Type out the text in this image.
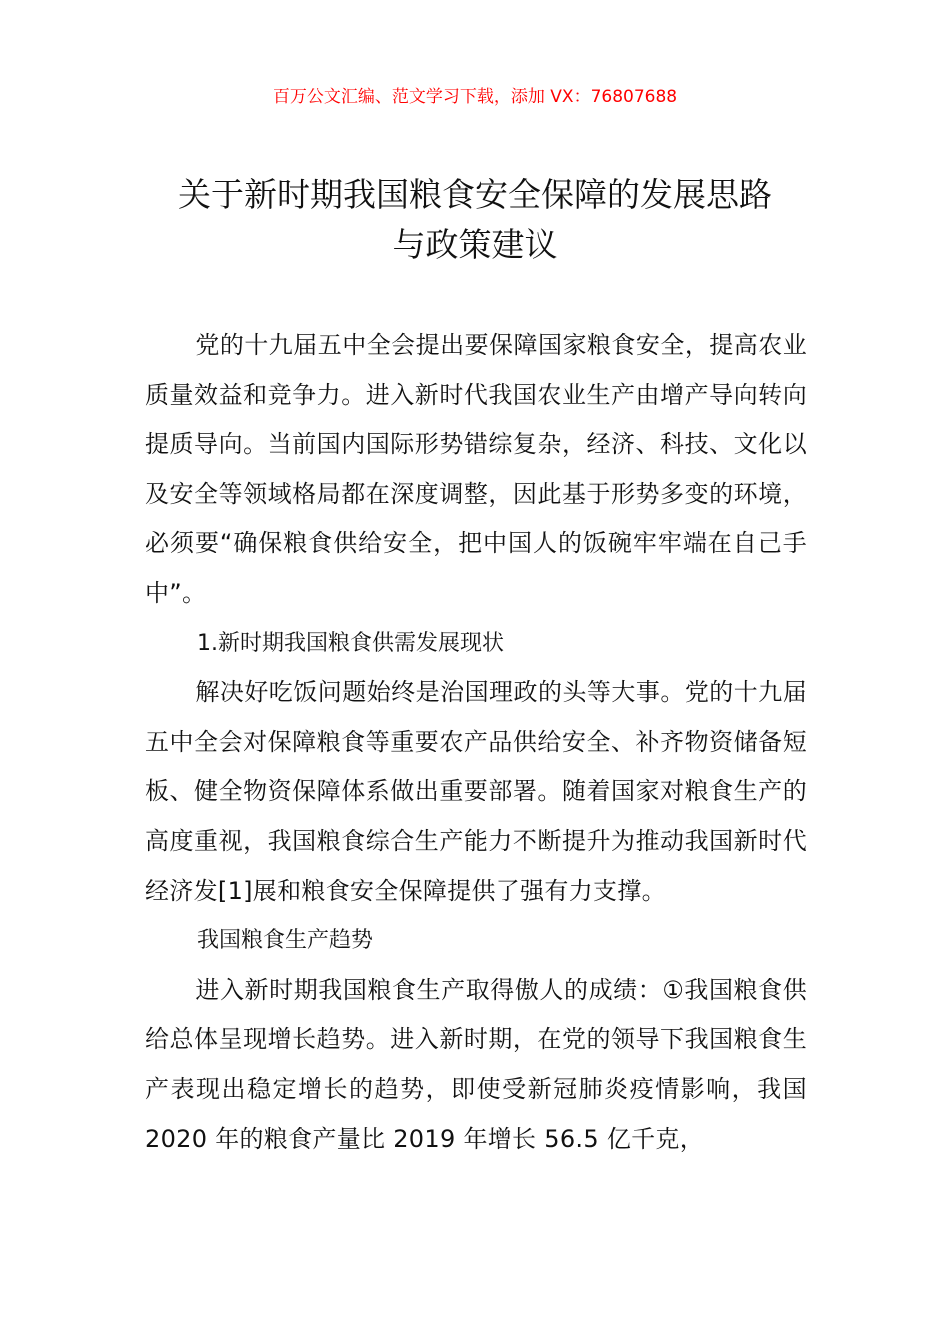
百万公文汇编、范文学习下载，添加 VX：76807688
关于新时期我国粮食安全保障的发展思路
与政策建议

党的十九届五中全会提出要保障国家粮食安全，提高农业质量效益和竞争力。进入新时代我国农业生产由增产导向转向提质导向。当前国内国际形势错综复杂，经济、科技、文化以及安全等领域格局都在深度调整，因此基于形势多变的环境，必须要“确保粮食供给安全，把中国人的饭碗牢牢端在自己手中”。

1.新时期我国粮食供需发展现状

解决好吃饭问题始终是治国理政的头等大事。党的十九届五中全会对保障粮食等重要农产品供给安全、补齐物资储备短板、健全物资保障体系做出重要部署。随着国家对粮食生产的高度重视，我国粮食综合生产能力不断提升为推动我国新时代经济发[1]展和粮食安全保障提供了强有力支撑。

我国粮食生产趋势

进入新时期我国粮食生产取得傲人的成绩：①我国粮食供给总体呈现增长趋势。进入新时期，在党的领导下我国粮食生产表现出稳定增长的趋势，即使受新冠肺炎疫情影响，我国 2020 年的粮食产量比 2019 年增长 56.5 亿千克，
